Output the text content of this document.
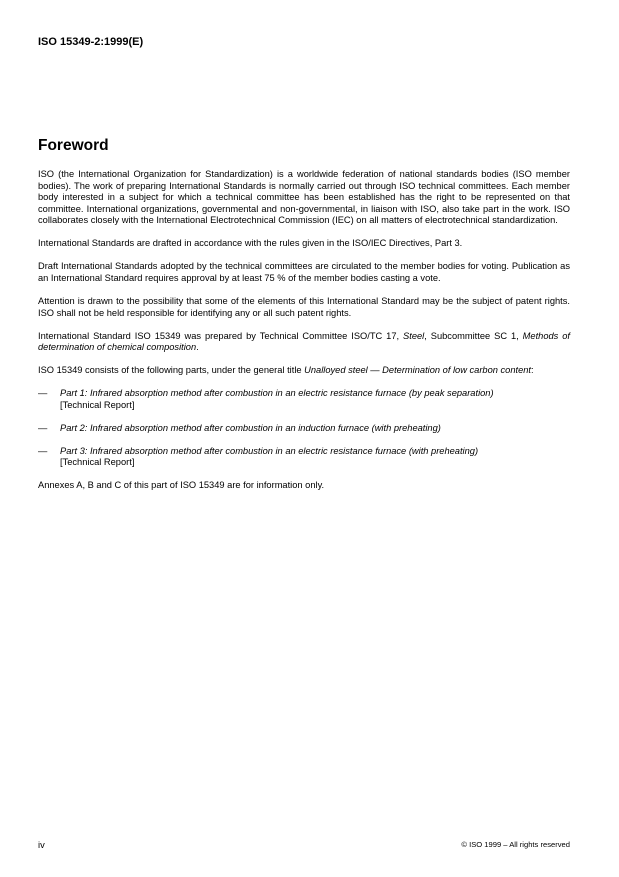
ISO 15349-2:1999(E)
Foreword

ISO (the International Organization for Standardization) is a worldwide federation of national standards bodies (ISO member bodies). The work of preparing International Standards is normally carried out through ISO technical committees. Each member body interested in a subject for which a technical committee has been established has the right to be represented on that committee. International organizations, governmental and non-governmental, in liaison with ISO, also take part in the work. ISO collaborates closely with the International Electrotechnical Commission (IEC) on all matters of electrotechnical standardization.

International Standards are drafted in accordance with the rules given in the ISO/IEC Directives, Part 3.

Draft International Standards adopted by the technical committees are circulated to the member bodies for voting. Publication as an International Standard requires approval by at least 75 % of the member bodies casting a vote.

Attention is drawn to the possibility that some of the elements of this International Standard may be the subject of patent rights. ISO shall not be held responsible for identifying any or all such patent rights.

International Standard ISO 15349 was prepared by Technical Committee ISO/TC 17, Steel, Subcommittee SC 1, Methods of determination of chemical composition.

ISO 15349 consists of the following parts, under the general title Unalloyed steel — Determination of low carbon content:

— Part 1: Infrared absorption method after combustion in an electric resistance furnace (by peak separation)
[Technical Report]
— Part 2: Infrared absorption method after combustion in an induction furnace (with preheating)
— Part 3: Infrared absorption method after combustion in an electric resistance furnace (with preheating)
[Technical Report]

Annexes A, B and C of this part of ISO 15349 are for information only.

iv	© ISO 1999 – All rights reserved
